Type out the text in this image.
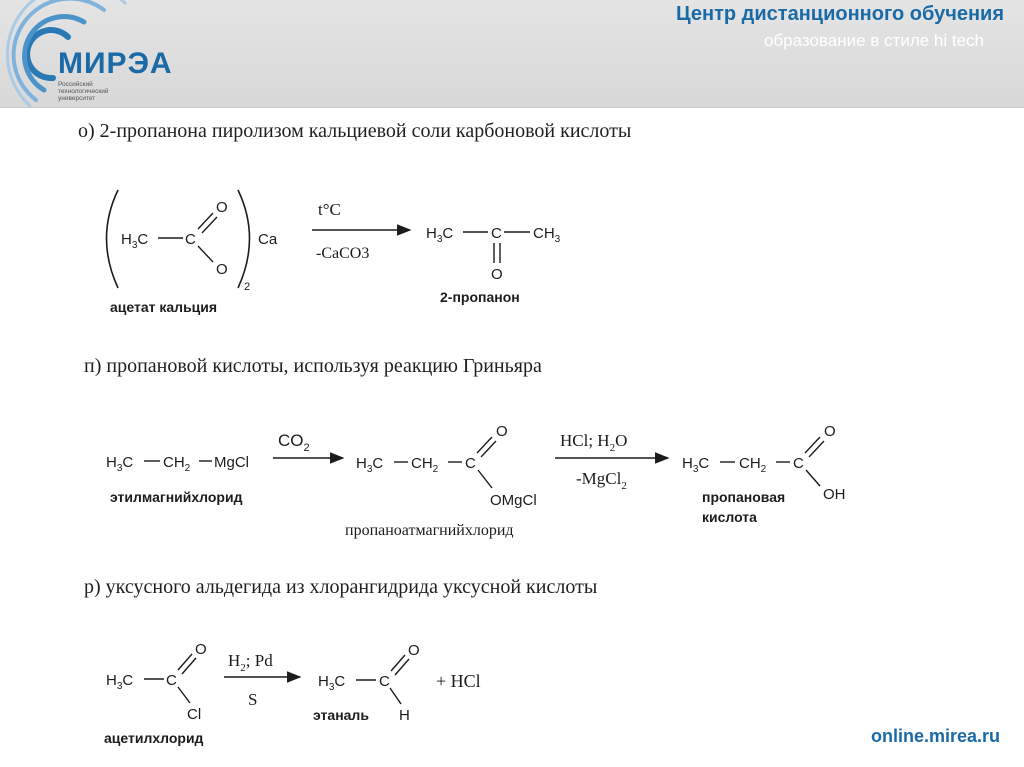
МИРЭА
Российский технологический университет
Центр дистанционного обучения
образование в стиле hi tech
о) 2-пропанона пиролизом кальциевой соли карбоновой кислоты
п) пропановой кислоты, используя реакцию Гриньяра
р) уксусного альдегида из хлорангидрида уксусной кислоты
$H_3C$ C
O
O
Ca
2
ацетат кальция
t°C
-CaCO3
$H_3C$	C $CH_3$
O
2-пропанон
$H_3C$ $CH_2$ MgCl
этилмагнийхлорид
$CO_2$
$H_3C$ $CH_2$ C
O
OMgCl
пропаноатмагнийхлорид
HCl; $H_2O$
-MgCl$_2$
$H_3C$ $CH_2$ C
O
OH
пропановая
кислота
$H_3C$ C
O
Cl
ацетилхлорид
$H_2$; Pd
S
$H_3C$ C
O
H
этаналь
+ HCl
online.mirea.ru
